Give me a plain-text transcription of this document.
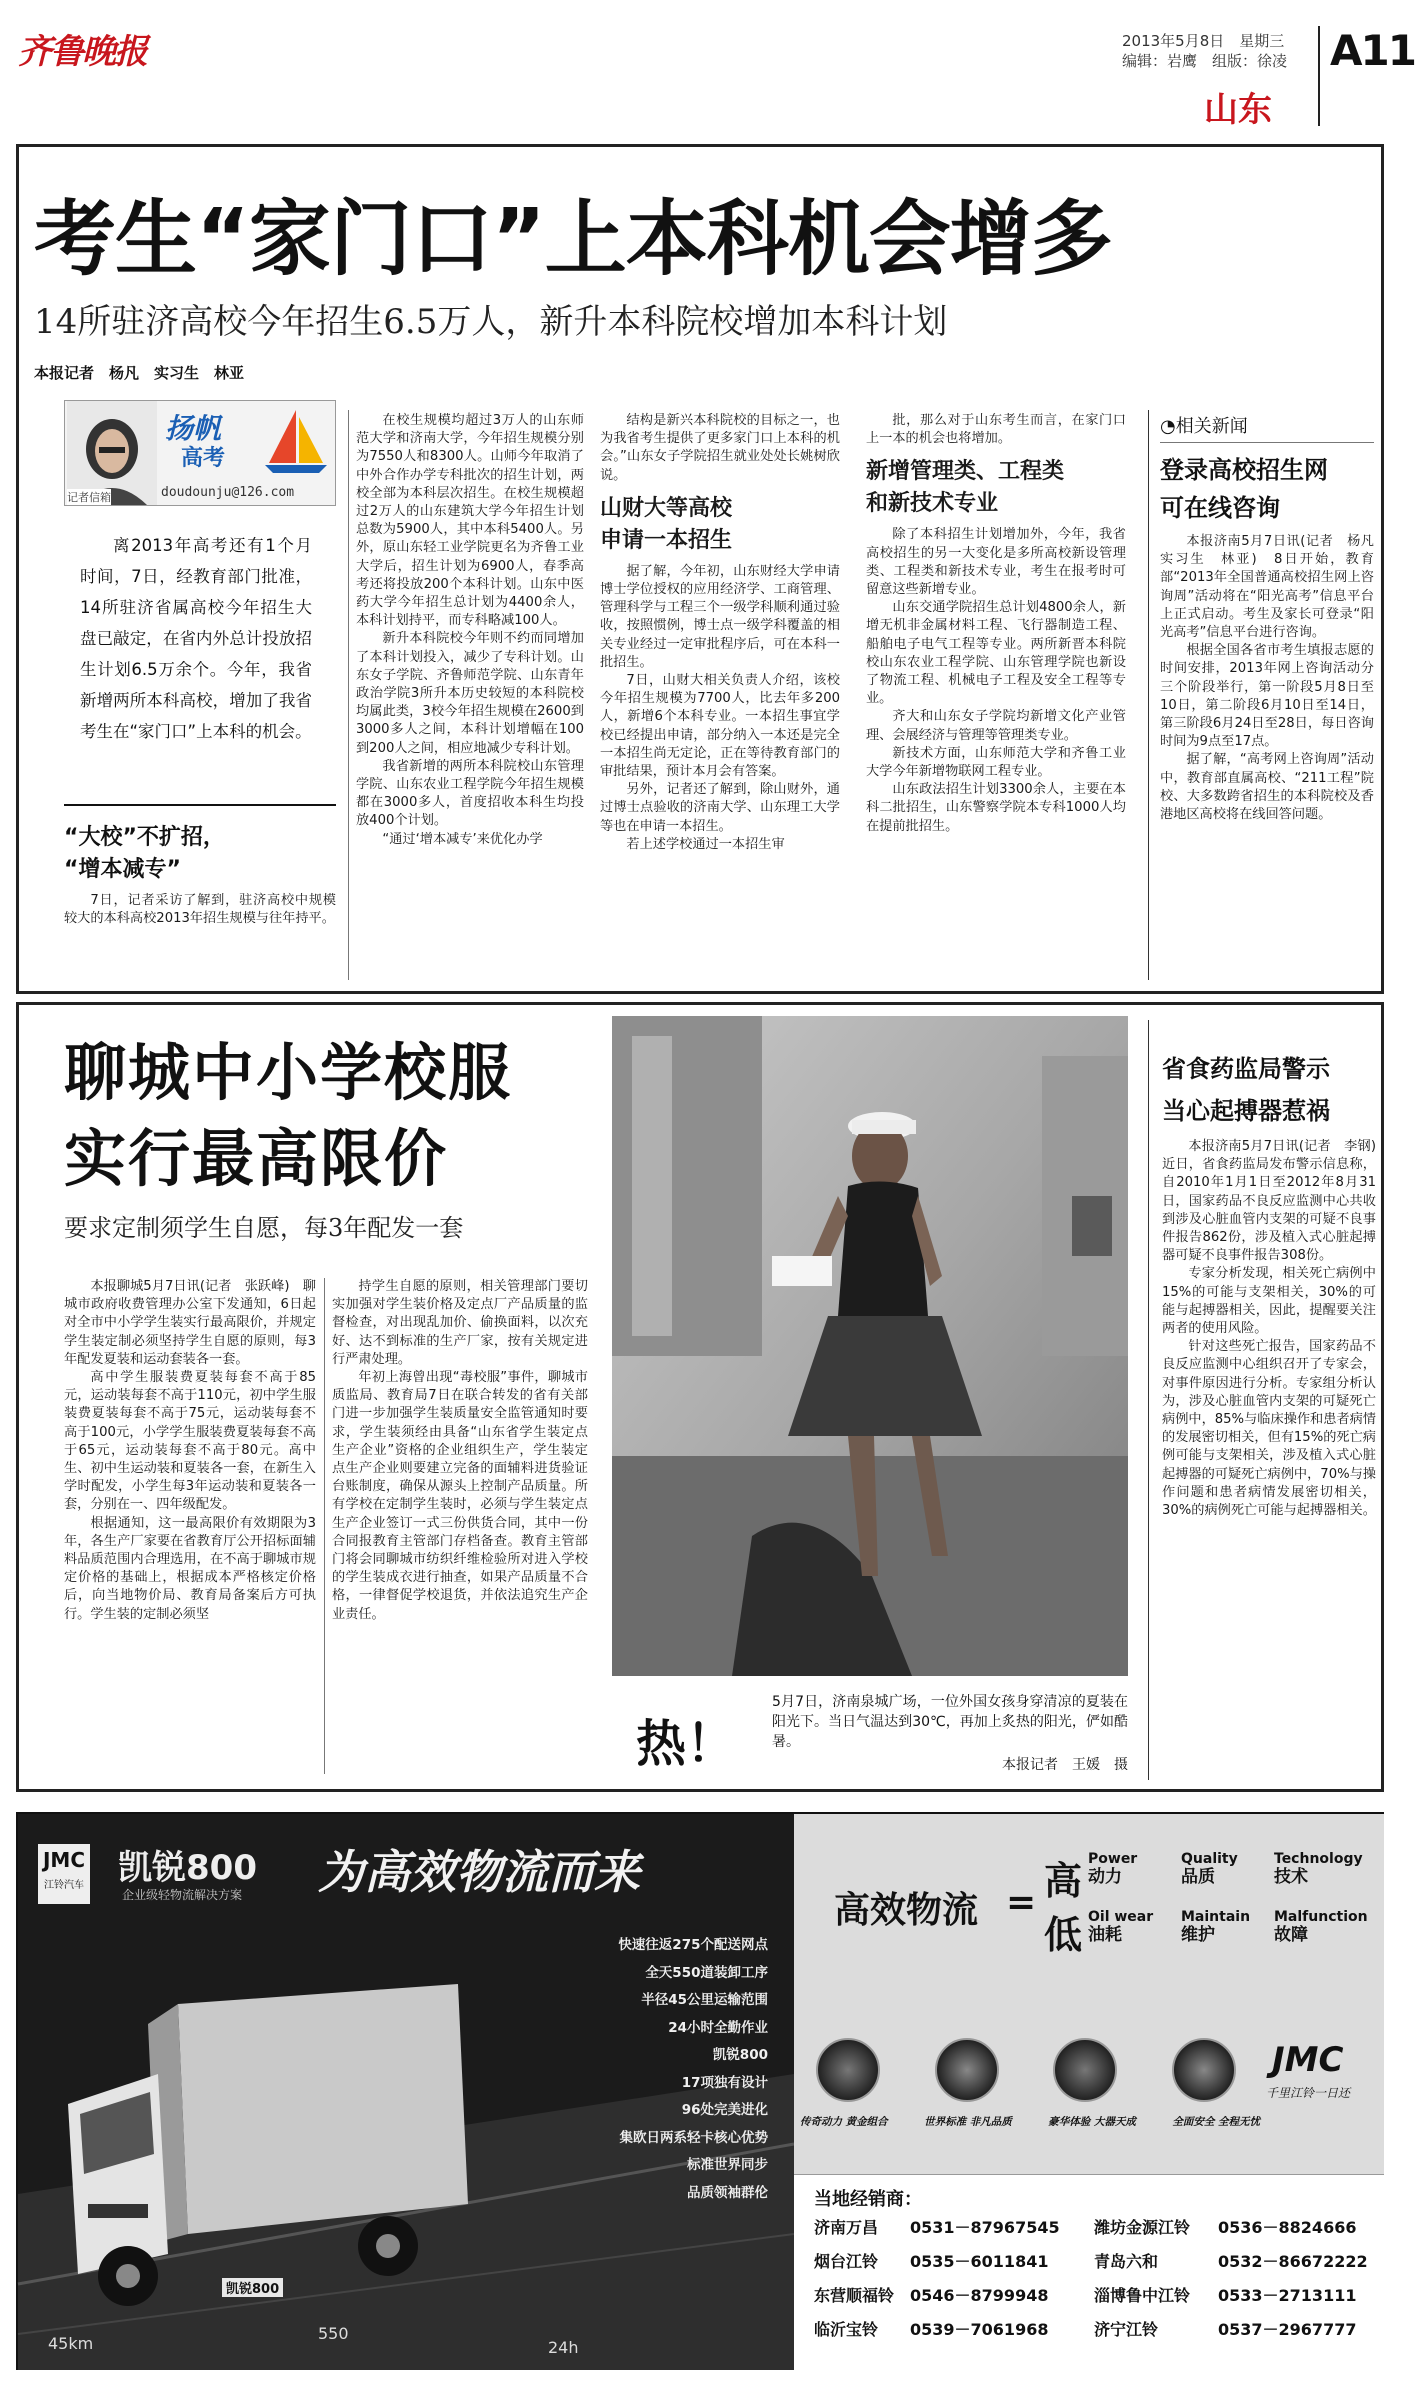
齐鲁晚报	2013年5月8日　星期三
编辑：岩鹰　组版：徐凌 A11
山东
考生“家门口”上本科机会增多
14所驻济高校今年招生6.5万人，新升本科院校增加本科计划
本报记者　杨凡　实习生　林亚
扬帆
高考
记者信箱	doudounju@126.com

离2013年高考还有1个月时间，7日，经教育部门批准，14所驻济省属高校今年招生大盘已敲定，在省内外总计投放招生计划6.5万余个。今年，我省新增两所本科高校，增加了我省考生在“家门口”上本科的机会。

“大校”不扩招，
“增本减专”

7日，记者采访了解到，驻济高校中规模较大的本科高校2013年招生规模与往年持平。

在校生规模均超过3万人的山东师范大学和济南大学，今年招生规模分别为7550人和8300人。山师今年取消了中外合作办学专科批次的招生计划，两校全部为本科层次招生。在校生规模超过2万人的山东建筑大学今年招生计划总数为5900人，其中本科5400人。另外，原山东轻工业学院更名为齐鲁工业大学后，招生计划为6900人，春季高考还将投放200个本科计划。山东中医药大学今年招生总计划为4400余人，本科计划持平，而专科略减100人。

新升本科院校今年则不约而同增加了本科计划投入，减少了专科计划。山东女子学院、齐鲁师范学院、山东青年政治学院3所升本历史较短的本科院校均属此类，3校今年招生规模在2600到3000多人之间，本科计划增幅在100到200人之间，相应地减少专科计划。

我省新增的两所本科院校山东管理学院、山东农业工程学院今年招生规模都在3000多人，首度招收本科生均投放400个计划。

“通过‘增本减专’来优化办学

结构是新兴本科院校的目标之一，也为我省考生提供了更多家门口上本科的机会。”山东女子学院招生就业处处长姚树欣说。

山财大等高校
申请一本招生

据了解，今年初，山东财经大学申请博士学位授权的应用经济学、工商管理、管理科学与工程三个一级学科顺利通过验收，按照惯例，博士点一级学科覆盖的相关专业经过一定审批程序后，可在本科一批招生。

7日，山财大相关负责人介绍，该校今年招生规模为7700人，比去年多200人，新增6个本科专业。一本招生事宜学校已经提出申请，部分纳入一本还是完全一本招生尚无定论，正在等待教育部门的审批结果，预计本月会有答案。

另外，记者还了解到，除山财外，通过博士点验收的济南大学、山东理工大学等也在申请一本招生。

若上述学校通过一本招生审

批，那么对于山东考生而言，在家门口上一本的机会也将增加。

新增管理类、工程类
和新技术专业

除了本科招生计划增加外，今年，我省高校招生的另一大变化是多所高校新设管理类、工程类和新技术专业，考生在报考时可留意这些新增专业。

山东交通学院招生总计划4800余人，新增无机非金属材料工程、飞行器制造工程、船舶电子电气工程等专业。两所新晋本科院校山东农业工程学院、山东管理学院也新设了物流工程、机械电子工程及安全工程等专业。

齐大和山东女子学院均新增文化产业管理、会展经济与管理等管理类专业。

新技术方面，山东师范大学和齐鲁工业大学今年新增物联网工程专业。

山东政法招生计划3300余人，主要在本科二批招生，山东警察学院本专科1000人均在提前批招生。

◔相关新闻
登录高校招生网
可在线咨询

本报济南5月7日讯(记者　杨凡　实习生　林亚)　8日开始，教育部“2013年全国普通高校招生网上咨询周”活动将在“阳光高考”信息平台上正式启动。考生及家长可登录“阳光高考”信息平台进行咨询。

根据全国各省市考生填报志愿的时间安排，2013年网上咨询活动分三个阶段举行，第一阶段5月8日至10日，第二阶段6月10日至14日，第三阶段6月24日至28日，每日咨询时间为9点至17点。

据了解，“高考网上咨询周”活动中，教育部直属高校、“211工程”院校、大多数跨省招生的本科院校及香港地区高校将在线回答问题。

聊城中小学校服
实行最高限价
要求定制须学生自愿，每3年配发一套

本报聊城5月7日讯(记者　张跃峰)　聊城市政府收费管理办公室下发通知，6日起对全市中小学学生装实行最高限价，并规定学生装定制必须坚持学生自愿的原则，每3年配发夏装和运动套装各一套。

高中学生服装费夏装每套不高于85元，运动装每套不高于110元，初中学生服装费夏装每套不高于75元，运动装每套不高于100元，小学学生服装费夏装每套不高于65元，运动装每套不高于80元。高中生、初中生运动装和夏装各一套，在新生入学时配发，小学生每3年运动装和夏装各一套，分别在一、四年级配发。

根据通知，这一最高限价有效期限为3年，各生产厂家要在省教育厅公开招标面辅料品质范围内合理选用，在不高于聊城市规定价格的基础上，根据成本严格核定价格后，向当地物价局、教育局备案后方可执行。学生装的定制必须坚

持学生自愿的原则，相关管理部门要切实加强对学生装价格及定点厂产品质量的监督检查，对出现乱加价、偷换面料，以次充好、达不到标准的生产厂家，按有关规定进行严肃处理。

年初上海曾出现“毒校服”事件，聊城市质监局、教育局7日在联合转发的省有关部门进一步加强学生装质量安全监管通知时要求，学生装须经由具备“山东省学生装定点生产企业”资格的企业组织生产，学生装定点生产企业则要建立完备的面辅料进货验证台账制度，确保从源头上控制产品质量。所有学校在定制学生装时，必须与学生装定点生产企业签订一式三份供货合同，其中一份合同报教育主管部门存档备查。教育主管部门将会同聊城市纺织纤维检验所对进入学校的学生装成衣进行抽查，如果产品质量不合格，一律督促学校退货，并依法追究生产企业责任。

热！

5月7日，济南泉城广场，一位外国女孩身穿清凉的夏装在阳光下。当日气温达到30℃，再加上炙热的阳光，俨如酷暑。

本报记者　王媛　摄

省食药监局警示
当心起搏器惹祸

本报济南5月7日讯(记者　李钢)　近日，省食药监局发布警示信息称，自2010年1月1日至2012年8月31日，国家药品不良反应监测中心共收到涉及心脏血管内支架的可疑不良事件报告862份，涉及植入式心脏起搏器可疑不良事件报告308份。

专家分析发现，相关死亡病例中15%的可能与支架相关，30%的可能与起搏器相关，因此，提醒要关注两者的使用风险。

针对这些死亡报告，国家药品不良反应监测中心组织召开了专家会，对事件原因进行分析。专家组分析认为，涉及心脏血管内支架的可疑死亡病例中，85%与临床操作和患者病情的发展密切相关，但有15%的死亡病例可能与支架相关，涉及植入式心脏起搏器的可疑死亡病例中，70%与操作问题和患者病情发展密切相关，30%的病例死亡可能与起搏器相关。

JMC
江铃汽车 凯锐800
企业级轻物流解决方案 为高效物流而来
凯锐800
45km
550
24h
快速往返275个配送网点
全天550道装卸工序
半径45公里运输范围
24小时全勤作业
凯锐800
17项独有设计
96处完美进化
集欧日两系轻卡核心优势
标准世界同步
品质领袖群伦
高效物流 = 高
低
Power
动力
Quality
品质
Technology
技术
Oil wear
油耗
Maintain
维护
Malfunction
故障
传奇动力 黄金组合	世界标准 非凡品质	豪华体验 大器天成	全面安全 全程无忧
JMC
千里江铃一日还
当地经销商：
济南万昌 0531－87967545	潍坊金源江铃 0536－8824666
烟台江铃 0535－6011841	青岛六和	0532－86672222
东营顺福铃 0546－8799948	淄博鲁中江铃 0533－2713111
临沂宝铃 0539－7061968	济宁江铃	0537－2967777
